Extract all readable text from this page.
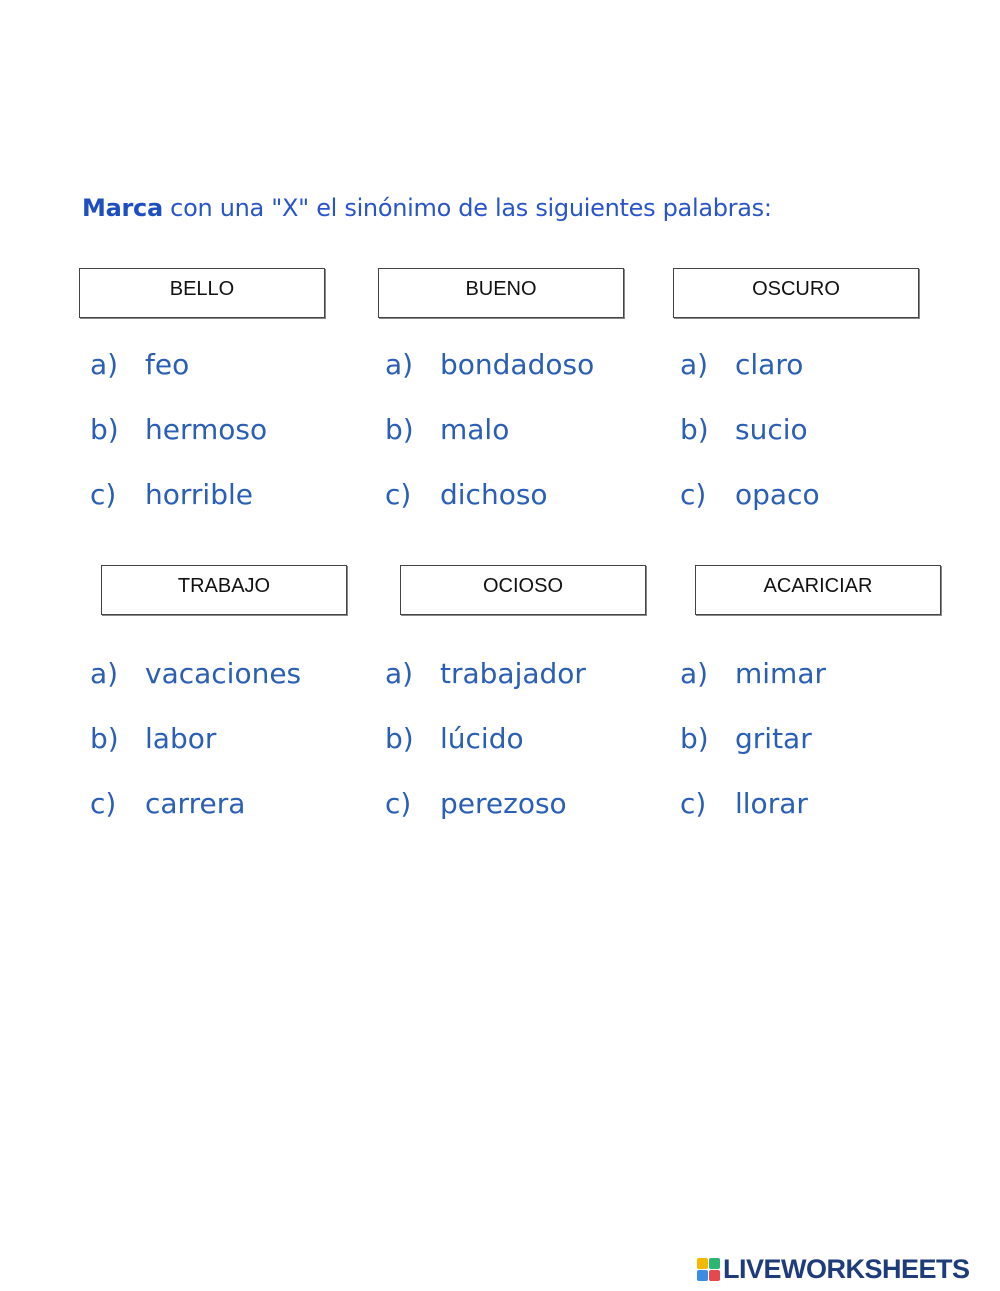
Marca con una "X" el sinónimo de las siguientes palabras:
BELLO
a) feo
b) hermoso
c) horrible
BUENO
a) bondadoso
b) malo
c) dichoso
OSCURO
a) claro
b) sucio
c) opaco
TRABAJO
a) vacaciones
b) labor
c) carrera
OCIOSO
a) trabajador
b) lúcido
c) perezoso
ACARICIAR
a) mimar
b) gritar
c) llorar
LIVEWORKSHEETS
